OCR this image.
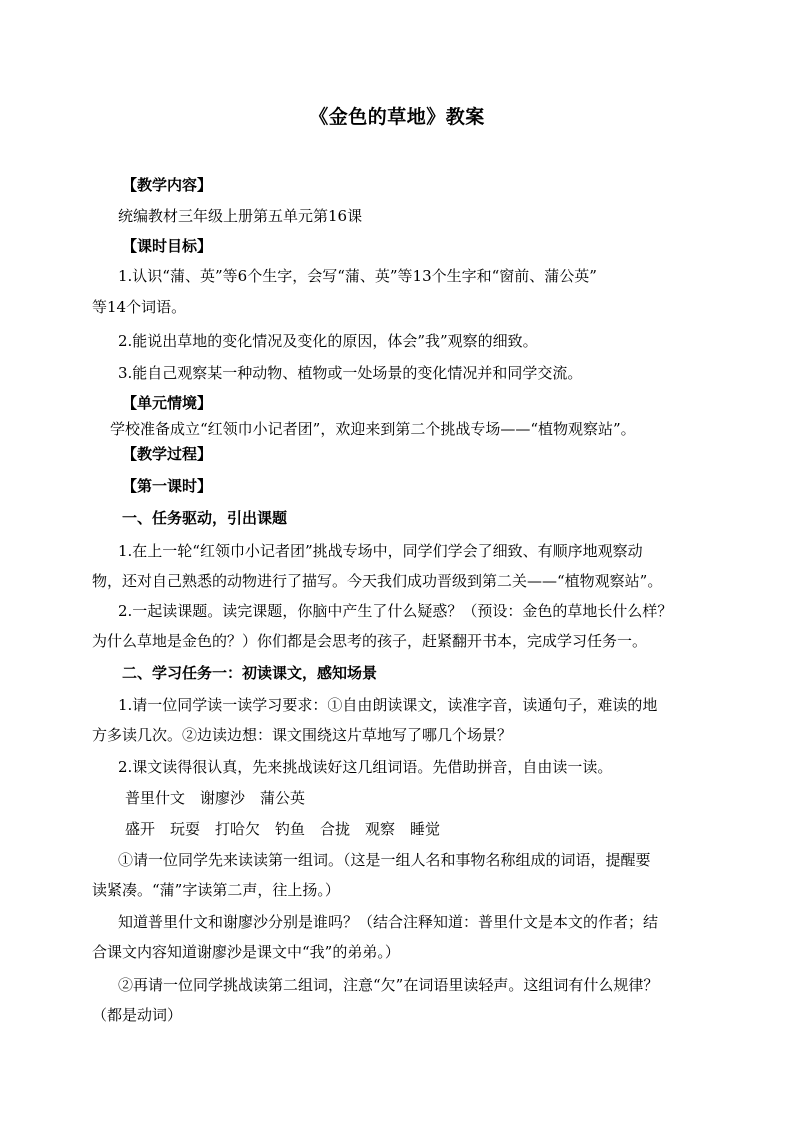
《金色的草地》教案
【教学内容】
统编教材三年级上册第五单元第16课
【课时目标】
1.认识“蒲、英”等6个生字，会写“蒲、英”等13个生字和“窗前、蒲公英”
等14个词语。
2.能说出草地的变化情况及变化的原因，体会”我”观察的细致。
3.能自己观察某一种动物、植物或一处场景的变化情况并和同学交流。
【单元情境】
学校准备成立“红领巾小记者团”，欢迎来到第二个挑战专场——“植物观察站”。
【教学过程】
【第一课时】
一、任务驱动，引出课题
1.在上一轮“红领巾小记者团”挑战专场中，同学们学会了细致、有顺序地观察动
物，还对自己熟悉的动物进行了描写。今天我们成功晋级到第二关——“植物观察站”。
2.一起读课题。读完课题，你脑中产生了什么疑惑？（预设：金色的草地长什么样？
为什么草地是金色的？）你们都是会思考的孩子，赶紧翻开书本，完成学习任务一。
二、学习任务一：初读课文，感知场景
1.请一位同学读一读学习要求：①自由朗读课文，读准字音，读通句子，难读的地
方多读几次。②边读边想：课文围绕这片草地写了哪几个场景？
2.课文读得很认真，先来挑战读好这几组词语。先借助拼音，自由读一读。
普里什文　谢廖沙　蒲公英
盛开　玩耍　打哈欠　钓鱼　合拢　观察　睡觉
①请一位同学先来读读第一组词。（这是一组人名和事物名称组成的词语，提醒要
读紧凑。“蒲”字读第二声，往上扬。）
知道普里什文和谢廖沙分别是谁吗？（结合注释知道：普里什文是本文的作者；结
合课文内容知道谢廖沙是课文中“我”的弟弟。）
②再请一位同学挑战读第二组词，注意“欠”在词语里读轻声。这组词有什么规律？
（都是动词）
